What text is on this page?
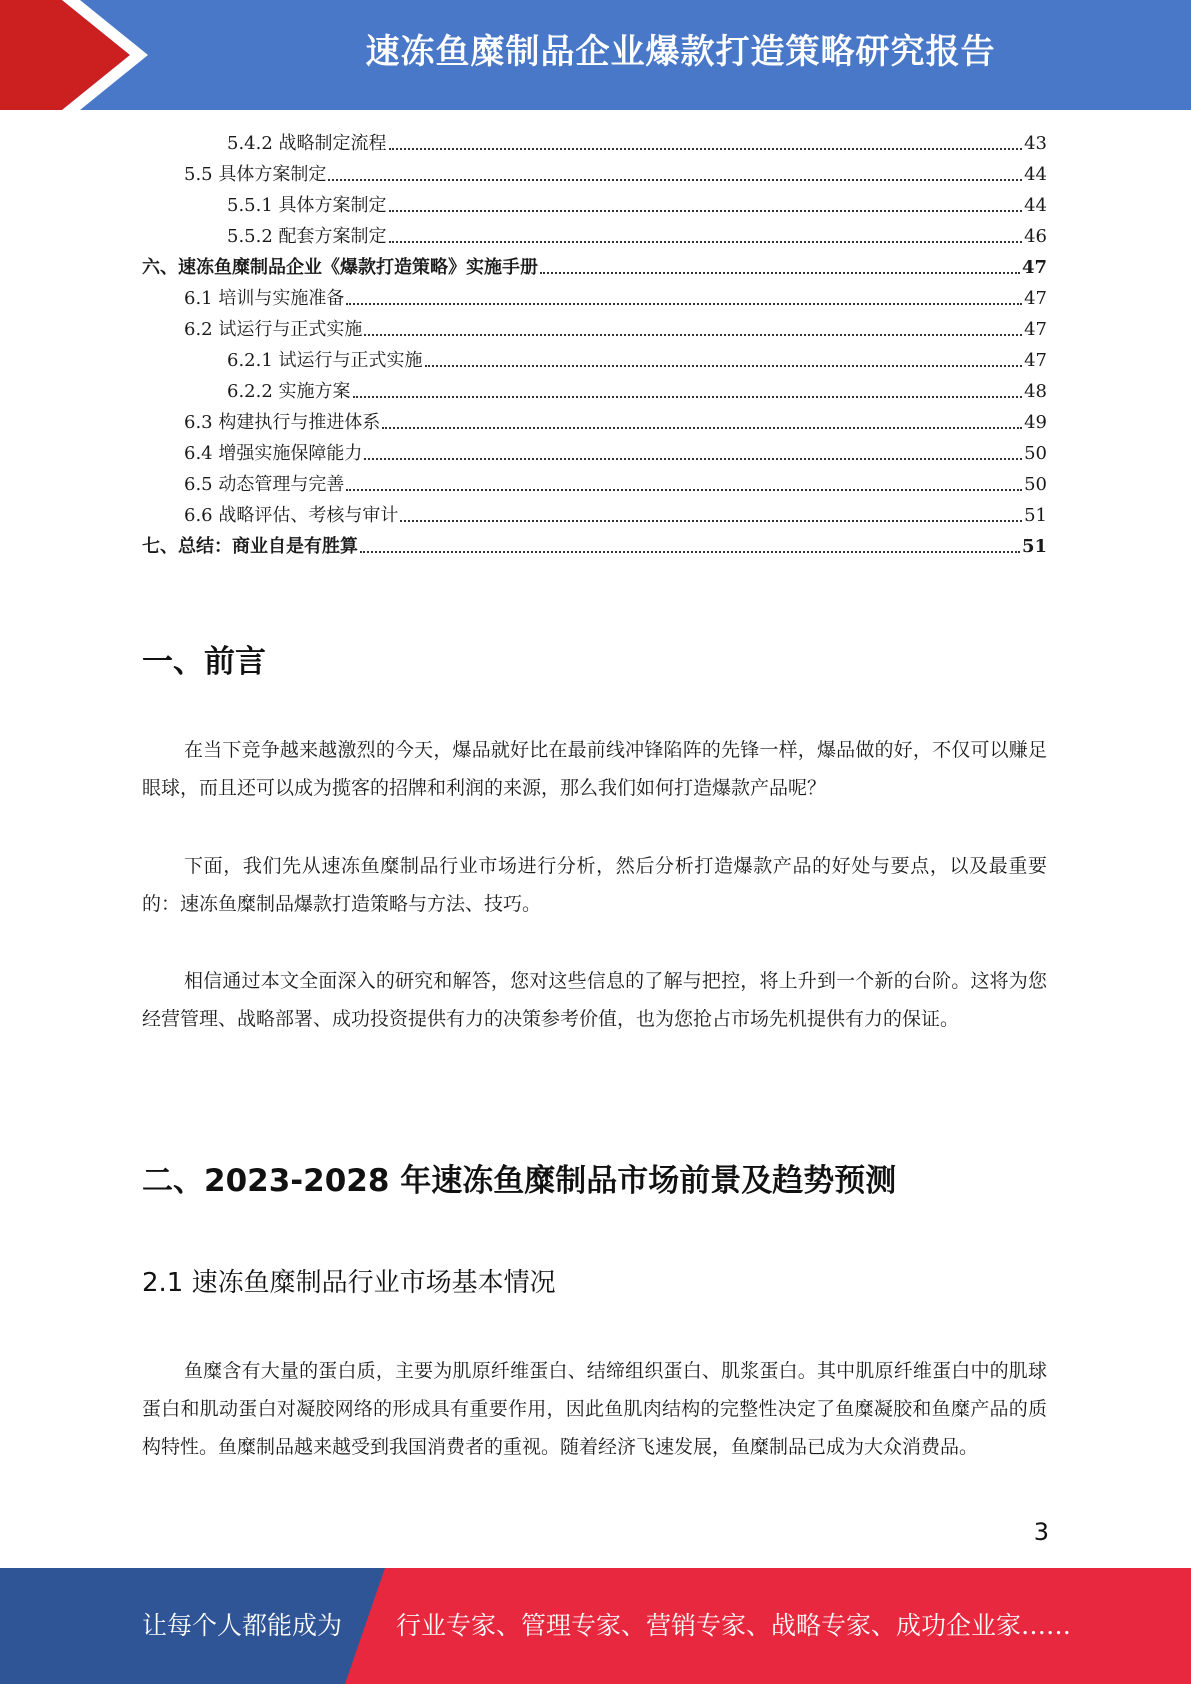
速冻鱼糜制品企业爆款打造策略研究报告
5.4.2 战略制定流程	43
5.5 具体方案制定	44
5.5.1 具体方案制定	44
5.5.2 配套方案制定	46
六、速冻鱼糜制品企业《爆款打造策略》实施手册	47
6.1 培训与实施准备	47
6.2 试运行与正式实施	47
6.2.1 试运行与正式实施	47
6.2.2 实施方案	48
6.3 构建执行与推进体系	49
6.4 增强实施保障能力	50
6.5 动态管理与完善	50
6.6 战略评估、考核与审计	51
七、总结：商业自是有胜算	51
一、前言
在当下竞争越来越激烈的今天，爆品就好比在最前线冲锋陷阵的先锋一样，爆品做的好，不仅可以赚足眼球，而且还可以成为揽客的招牌和利润的来源，那么我们如何打造爆款产品呢？
下面，我们先从速冻鱼糜制品行业市场进行分析，然后分析打造爆款产品的好处与要点，以及最重要的：速冻鱼糜制品爆款打造策略与方法、技巧。
相信通过本文全面深入的研究和解答，您对这些信息的了解与把控，将上升到一个新的台阶。这将为您经营管理、战略部署、成功投资提供有力的决策参考价值，也为您抢占市场先机提供有力的保证。
二、2023-2028 年速冻鱼糜制品市场前景及趋势预测
2.1 速冻鱼糜制品行业市场基本情况
鱼糜含有大量的蛋白质，主要为肌原纤维蛋白、结缔组织蛋白、肌浆蛋白。其中肌原纤维蛋白中的肌球蛋白和肌动蛋白对凝胶网络的形成具有重要作用，因此鱼肌肉结构的完整性决定了鱼糜凝胶和鱼糜产品的质构特性。鱼糜制品越来越受到我国消费者的重视。随着经济飞速发展，鱼糜制品已成为大众消费品。
3
让每个人都能成为 行业专家、管理专家、营销专家、战略专家、成功企业家……
